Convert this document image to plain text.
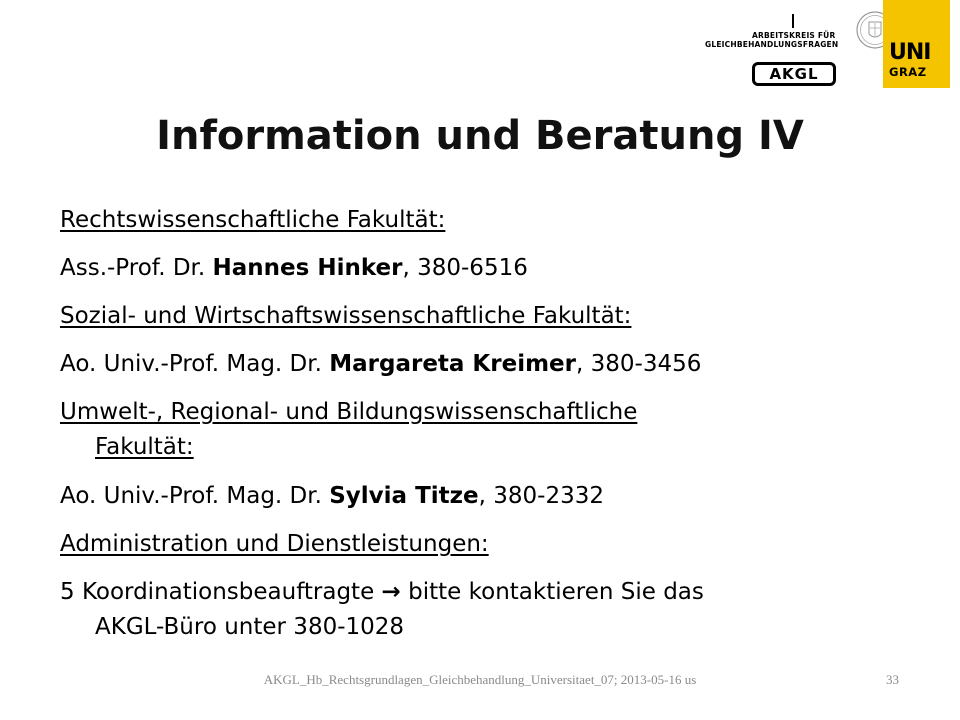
ARBEITSKREIS FÜR
GLEICHBEHANDLUNGSFRAGEN
AKGL
UNI
GRAZ
Information und Beratung IV
Rechtswissenschaftliche Fakultät:
Ass.-Prof. Dr. Hannes Hinker, 380-6516
Sozial- und Wirtschaftswissenschaftliche Fakultät:
Ao. Univ.-Prof. Mag. Dr. Margareta Kreimer, 380-3456
Umwelt-, Regional- und Bildungswissenschaftliche
Fakultät:
Ao. Univ.-Prof. Mag. Dr. Sylvia Titze, 380-2332
Administration und Dienstleistungen:
5 Koordinationsbeauftragte → bitte kontaktieren Sie das
AKGL-Büro unter 380-1028
AKGL_Hb_Rechtsgrundlagen_Gleichbehandlung_Universitaet_07; 2013-05-16 us	33
